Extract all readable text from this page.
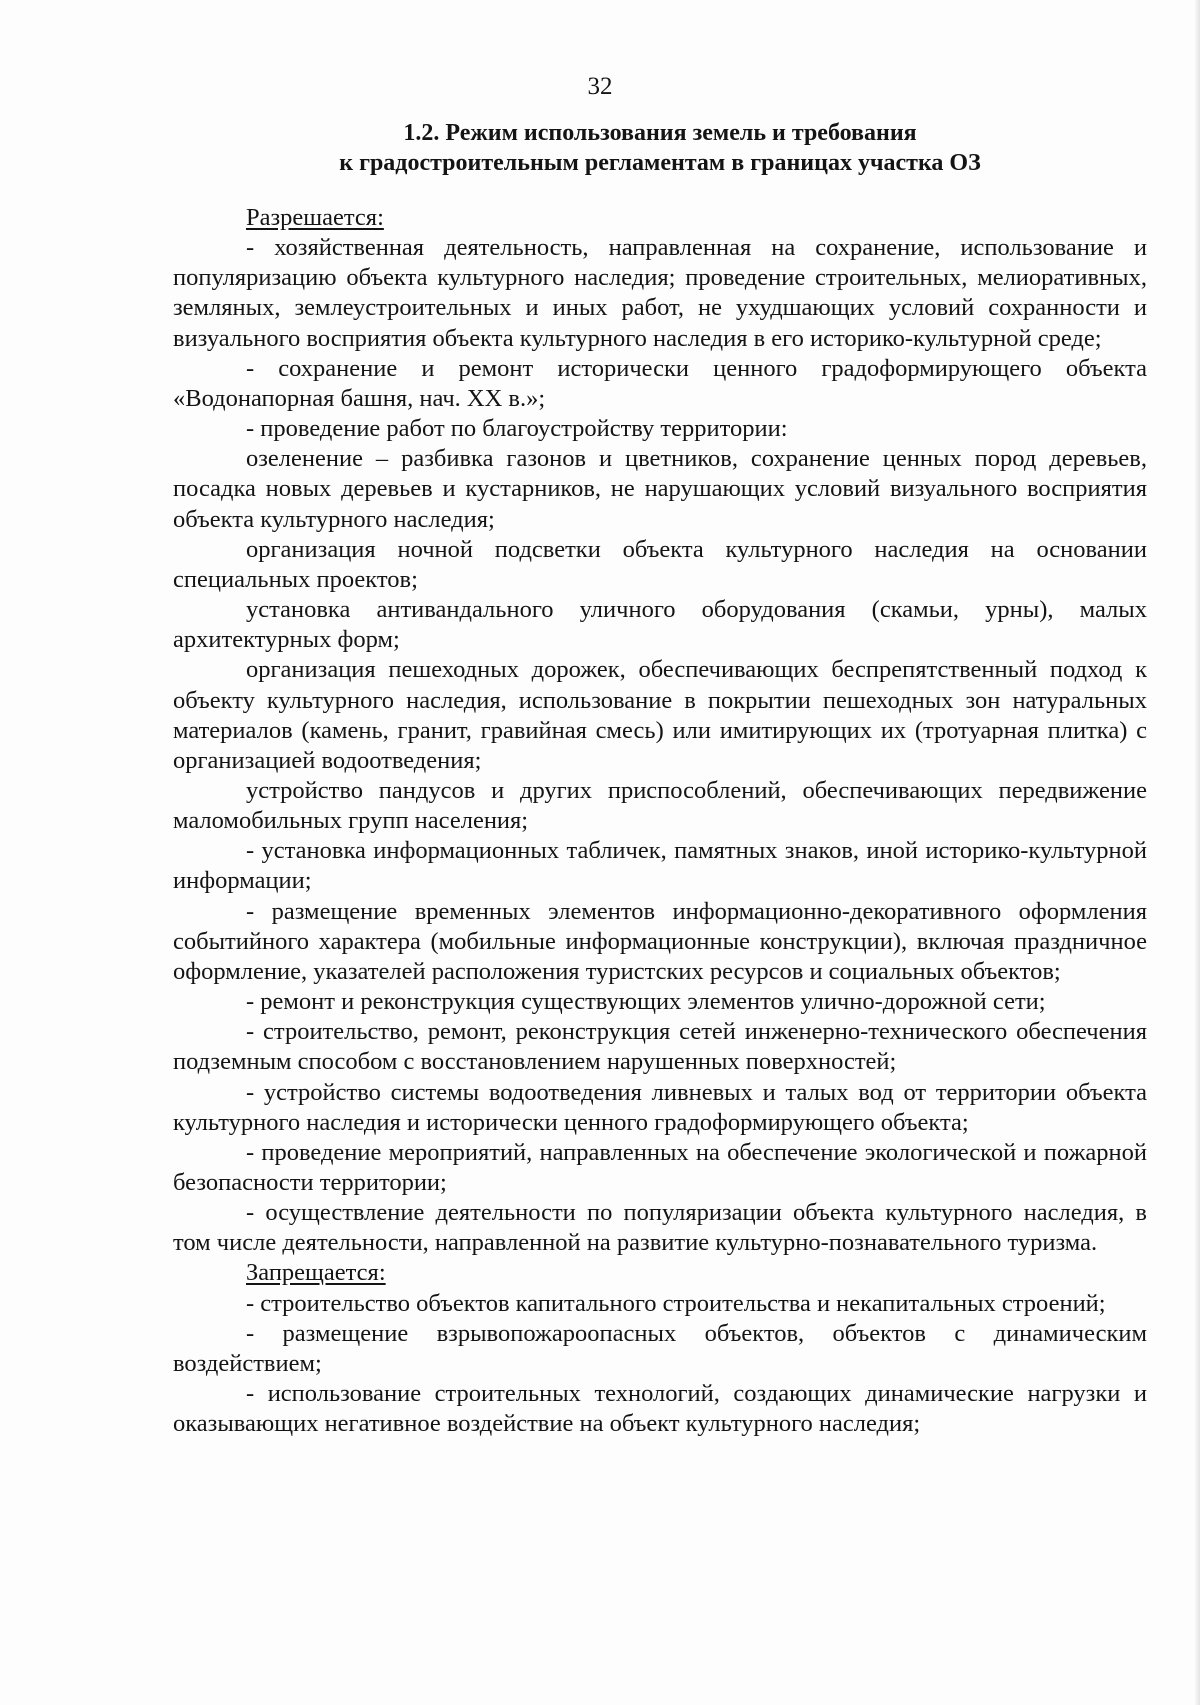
32
1.2. Режим использования земель и требования
к градостроительным регламентам в границах участка ОЗ

Разрешается:

- хозяйственная деятельность, направленная на сохранение, использование и популяризацию объекта культурного наследия; проведение строительных, мелиоративных, земляных, землеустроительных и иных работ, не ухудшающих условий сохранности и визуального восприятия объекта культурного наследия в его историко-культурной среде;

- сохранение и ремонт исторически ценного градоформирующего объекта «Водонапорная башня, нач. XX в.»;

- проведение работ по благоустройству территории:

озеленение – разбивка газонов и цветников, сохранение ценных пород деревьев, посадка новых деревьев и кустарников, не нарушающих условий визуального восприятия объекта культурного наследия;

организация ночной подсветки объекта культурного наследия на основании специальных проектов;

установка антивандального уличного оборудования (скамьи, урны), малых архитектурных форм;

организация пешеходных дорожек, обеспечивающих беспрепятственный подход к объекту культурного наследия, использование в покрытии пешеходных зон натуральных материалов (камень, гранит, гравийная смесь) или имитирующих их (тротуарная плитка) с организацией водоотведения;

устройство пандусов и других приспособлений, обеспечивающих передвижение маломобильных групп населения;

- установка информационных табличек, памятных знаков, иной историко-культурной информации;

- размещение временных элементов информационно-декоративного оформления событийного характера (мобильные информационные конструкции), включая праздничное оформление, указателей расположения туристских ресурсов и социальных объектов;

- ремонт и реконструкция существующих элементов улично-дорожной сети;

- строительство, ремонт, реконструкция сетей инженерно-технического обеспечения подземным способом с восстановлением нарушенных поверхностей;

- устройство системы водоотведения ливневых и талых вод от территории объекта культурного наследия и исторически ценного градоформирующего объекта;

- проведение мероприятий, направленных на обеспечение экологической и пожарной безопасности территории;

- осуществление деятельности по популяризации объекта культурного наследия, в том числе деятельности, направленной на развитие культурно-познавательного туризма.

Запрещается:

- строительство объектов капитального строительства и некапитальных строений;

- размещение взрывопожароопасных объектов, объектов с динамическим воздействием;

- использование строительных технологий, создающих динамические нагрузки и оказывающих негативное воздействие на объект культурного наследия;
